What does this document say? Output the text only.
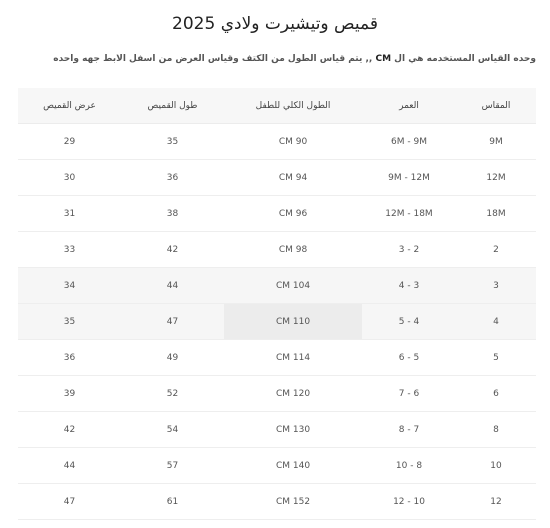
قميص وتيشيرت ولادي 2025
وحده القياس المستخدمه هي ال CM ,, يتم قياس الطول من الكتف وقياس العرض من اسفل الابط جهه واحده
المقاس	العمر	الطول الكلي للطفل	طول القميص	عرض القميص
9M	6M - 9M	CM 90	35	29
12M	9M - 12M	CM 94	36	30
18M	12M - 18M	CM 96	38	31
2	3 - 2	CM 98	42	33
3	4 - 3	CM 104	44	34
4	5 - 4	CM 110	47	35
5	6 - 5	CM 114	49	36
6	7 - 6	CM 120	52	39
8	8 - 7	CM 130	54	42
10	10 - 8	CM 140	57	44
12	12 - 10	CM 152	61	47
